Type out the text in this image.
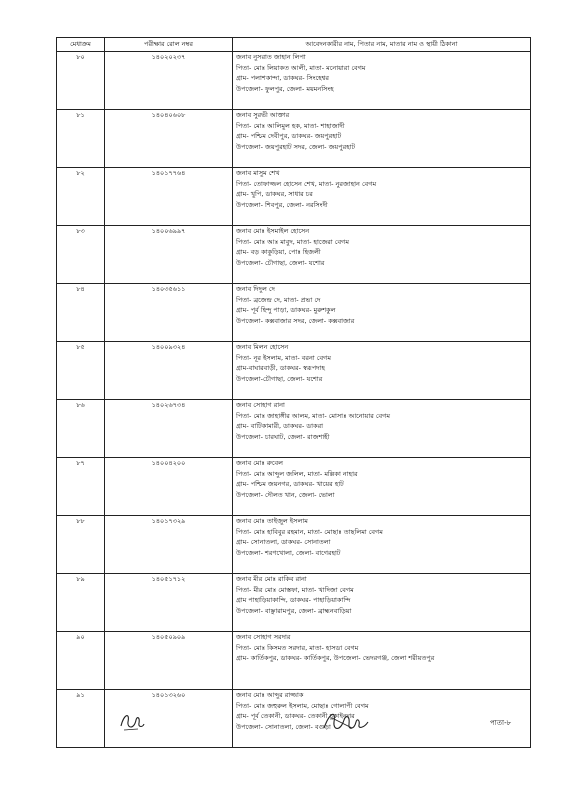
মেধাক্রম	পরীক্ষার রোল নম্বর	আবেদনকারীর নাম, পিতার নাম, মাতার নাম ও স্থায়ী ঠিকানা
৮০	১৪০২০২৩৭	জনাব নুসরাত জাহান লিপা
পিতা- মোঃ লিয়াকত আলী, মাতা- মনোয়ারা বেগম
গ্রাম- পলাশকান্দা, ডাকঘর- সিংহেশ্বর
উপজেলা- ফুলপুর, জেলা- ময়মনসিংহ

৮১	১৪০৪০৬০৮	জনাব সুরভী আক্তার
পিতা- মোঃ আলিমুল হক, মাতা- শাহাজাদী
গ্রাম- পশ্চিম দেবীপুর, ডাকঘর- জয়পুরহাট
উপজেলা- জয়পুরহাট সদর, জেলা- জয়পুরহাট

৮২	১৪০১৭৭৬৪	জনাব মাসুম শেখ
পিতা- তোফাজ্জল হোসেন শেখ, মাতা- নুরজাহান বেগম
গ্রাম- খুপি, ডাকঘর, সাধার চর
উপজেলা- শিবপুর, জেলা- নরসিংদী

৮৩	১৪০০৬৯৯৭	জনাব মোঃ ইসমাইল হোসেন
পিতা- মোঃ আঃ মাবুদ, মাতা- হাজেরা বেগম
গ্রাম- বড় কাকুড়িয়া, পোঃ হিজলী
উপজেলা- চৌগাছা, জেলা- যশোর

৮৪	১৪০৩৫৬১১	জনাব দিদুল দে
পিতা- ব্রজেন্দ্র দে, মাতা- প্রভা দে
গ্রাম- পূর্ব হিন্দু পাড়া, ডাকঘর- মুরুশকুল
উপজেলা- কক্সবাজার সদর, জেলা- কক্সবাজার

৮৫	১৪০০৯৩২৪	জনাব মিলন হোসেন
পিতা- নূর ইসলাম, মাতা- বরনা বেগম
গ্রাম-বাঘারবাড়ী, ডাকঘর- স্বরূপদাহ
উপজেলা-চৌগাছা, জেলা- যশোর

৮৬	১৪০২৬৭৩৪	জনাব সোহাগ রানা
পিতা- মোঃ জাহাঙ্গীর আলম, মাতা- মোসাঃ আনোয়ার বেগম
গ্রাম- বাটিকামারী, ডাকঘর- ডাকরা
উপজেলা- চারঘাট, জেলা- রাজশাহী

৮৭	১৪০০৪২০০	জনাব মোঃ রুবেল
পিতা- মোঃ আব্দুল জলিল, মাতা- মল্লিকা নাহার
গ্রাম- পশ্চিম জয়নগর, ডাকঘর- খায়ের হাট
উপজেলা- দৌলত খান, জেলা- ভোলা

৮৮	১৪০১৭৩২৯	জনাব মোঃ তাইজুল ইসলাম
পিতা- মোঃ হাবিবুর রহমান, মাতা- মোছাঃ তাছলিমা বেগম
গ্রাম- সোনাতলা, ডাকঘর- সোনাতলা
উপজেলা- শরণখোলা, জেলা- বাগেরহাট

৮৯	১৪০৫১৭১২	জনাব মীর মোঃ রাকিব রানা
পিতা- মীর মোঃ মোস্তফা, মাতা- খাদিজা বেগম
গ্রাম পাহাড়িয়াকান্দি, ডাকঘর- পাহাড়িয়াকান্দি
উপজেলা- বাঞ্ছারামপুর, জেলা- ব্রাহ্মনবাড়িয়া

৯০	১৪০৫০৯০৯	জনাব সোহাগ সরদার
পিতা- মোঃ কিসমত সরদার, মাতা- হাসডা বেগম
গ্রাম- কার্তিকপুর, ডাকঘর- কার্তিকপুর, উপজেলা- ভেদরগঞ্জ, জেলা শরীয়তপুর

৯১	১৪০১৩২৬০	জনাব মোঃ আব্দুর রাজ্জাক
পিতা- মোঃ জহুরুল ইসলাম, মোছাঃ গোলাপী বেগম
গ্রাম- পূর্ব তেকানী, ডাকঘর- তেকানী চুকাইনগর
উপজেলা- সোনাতলা, জেলা- বগুড়া	পাতা-৮
